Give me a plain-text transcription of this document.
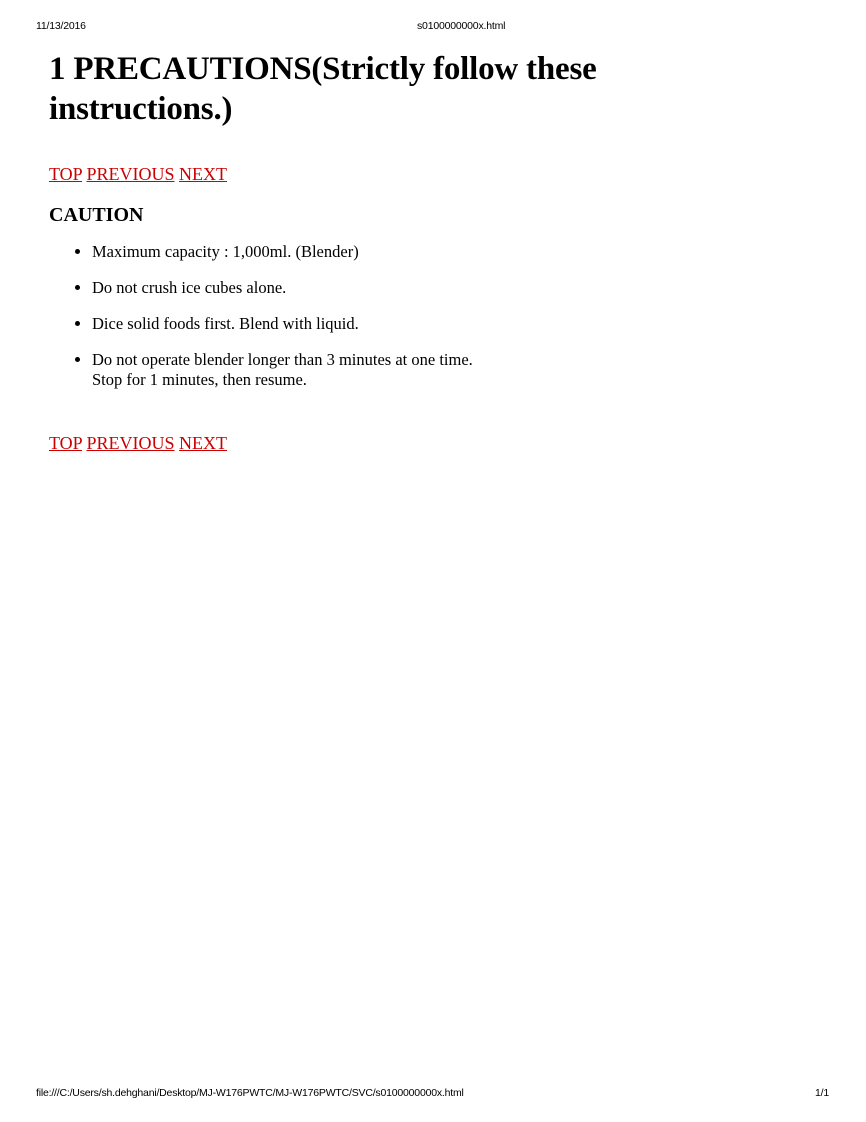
11/13/2016	s0100000000x.html
1 PRECAUTIONS(Strictly follow these instructions.)
TOP PREVIOUS NEXT
CAUTION
• Maximum capacity : 1,000ml. (Blender)
• Do not crush ice cubes alone.
• Dice solid foods first. Blend with liquid.
• Do not operate blender longer than 3 minutes at one time.
Stop for 1 minutes, then resume.
TOP PREVIOUS NEXT
file:///C:/Users/sh.dehghani/Desktop/MJ-W176PWTC/MJ-W176PWTC/SVC/s0100000000x.html	1/1
